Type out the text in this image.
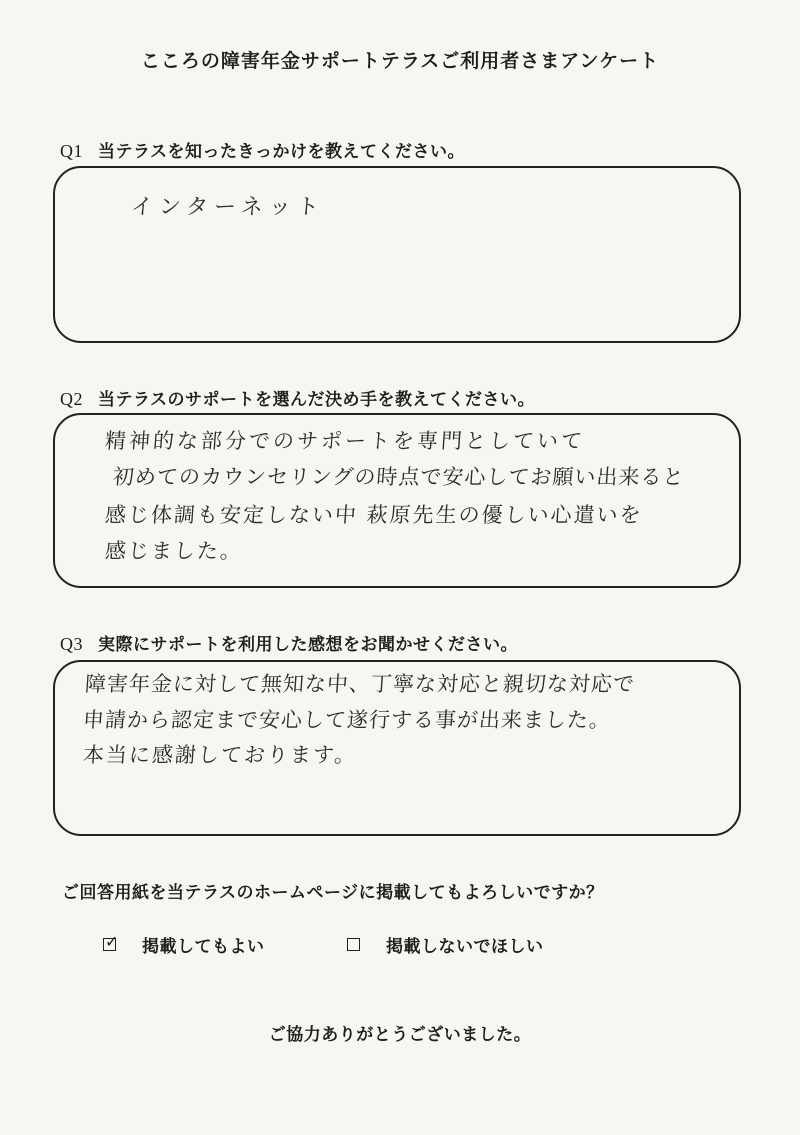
こころの障害年金サポートテラスご利用者さまアンケート
Q1 当テラスを知ったきっかけを教えてください。
インターネット
Q2 当テラスのサポートを選んだ決め手を教えてください。
精神的な部分でのサポートを専門としていて
初めてのカウンセリングの時点で安心してお願い出来ると
感じ体調も安定しない中 萩原先生の優しい心遣いを
感じました。
Q3 実際にサポートを利用した感想をお聞かせください。
障害年金に対して無知な中、丁寧な対応と親切な対応で
申請から認定まで安心して遂行する事が出来ました。
本当に感謝しております。
ご回答用紙を当テラスのホームページに掲載してもよろしいですか？
✓ 掲載してもよい	掲載しないでほしい
ご協力ありがとうございました。
